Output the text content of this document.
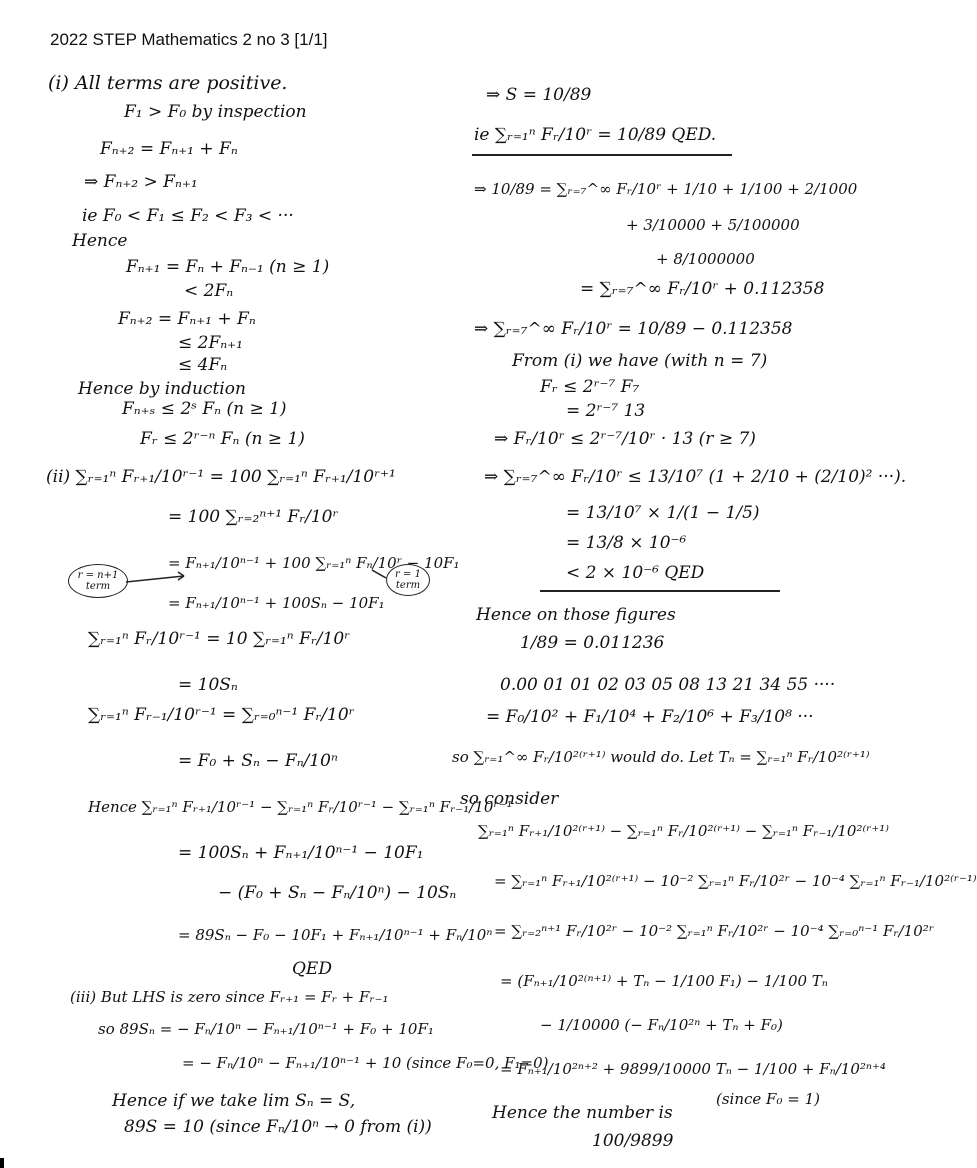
2022 STEP Mathematics 2 no 3 [1/1]
(i) All terms are positive.
F₁ > F₀ by inspection
Fₙ₊₂ = Fₙ₊₁ + Fₙ
⇒ Fₙ₊₂ > Fₙ₊₁
ie F₀ < F₁ ≤ F₂ < F₃ < ···
Hence
Fₙ₊₁ = Fₙ + Fₙ₋₁ (n ≥ 1)
< 2Fₙ
Fₙ₊₂ = Fₙ₊₁ + Fₙ
≤ 2Fₙ₊₁
≤ 4Fₙ
Hence by induction
Fₙ₊ₛ ≤ 2ˢ Fₙ (n ≥ 1)
Fᵣ ≤ 2ʳ⁻ⁿ Fₙ (n ≥ 1)
(ii) ∑ᵣ₌₁ⁿ Fᵣ₊₁/10ʳ⁻¹ = 100 ∑ᵣ₌₁ⁿ Fᵣ₊₁/10ʳ⁺¹
= 100 ∑ᵣ₌₂ⁿ⁺¹ Fᵣ/10ʳ
= Fₙ₊₁/10ⁿ⁻¹ + 100 ∑ᵣ₌₁ⁿ Fₙ/10ʳ − 10F₁
= Fₙ₊₁/10ⁿ⁻¹ + 100Sₙ − 10F₁
∑ᵣ₌₁ⁿ Fᵣ/10ʳ⁻¹ = 10 ∑ᵣ₌₁ⁿ Fᵣ/10ʳ
= 10Sₙ
∑ᵣ₌₁ⁿ Fᵣ₋₁/10ʳ⁻¹ = ∑ᵣ₌₀ⁿ⁻¹ Fᵣ/10ʳ
= F₀ + Sₙ − Fₙ/10ⁿ
Hence ∑ᵣ₌₁ⁿ Fᵣ₊₁/10ʳ⁻¹ − ∑ᵣ₌₁ⁿ Fᵣ/10ʳ⁻¹ − ∑ᵣ₌₁ⁿ Fᵣ₋₁/10ʳ⁻¹
= 100Sₙ + Fₙ₊₁/10ⁿ⁻¹ − 10F₁
− (F₀ + Sₙ − Fₙ/10ⁿ) − 10Sₙ
= 89Sₙ − F₀ − 10F₁ + Fₙ₊₁/10ⁿ⁻¹ + Fₙ/10ⁿ
QED
(iii) But LHS is zero since Fᵣ₊₁ = Fᵣ + Fᵣ₋₁
so 89Sₙ = − Fₙ/10ⁿ − Fₙ₊₁/10ⁿ⁻¹ + F₀ + 10F₁
= − Fₙ/10ⁿ − Fₙ₊₁/10ⁿ⁻¹ + 10 (since F₀=0, F₁=0)
Hence if we take lim Sₙ = S,
89S = 10 (since Fₙ/10ⁿ → 0 from (i))
r = n+1 term
r = 1 term
⇒ S = 10/89
ie ∑ᵣ₌₁ⁿ Fᵣ/10ʳ = 10/89 QED.
⇒ 10/89 = ∑ᵣ₌₇^∞ Fᵣ/10ʳ + 1/10 + 1/100 + 2/1000
+ 3/10000 + 5/100000
+ 8/1000000
= ∑ᵣ₌₇^∞ Fᵣ/10ʳ + 0.112358
⇒ ∑ᵣ₌₇^∞ Fᵣ/10ʳ = 10/89 − 0.112358
From (i) we have (with n = 7)
Fᵣ ≤ 2ʳ⁻⁷ F₇
= 2ʳ⁻⁷ 13
⇒ Fᵣ/10ʳ ≤ 2ʳ⁻⁷/10ʳ · 13 (r ≥ 7)
⇒ ∑ᵣ₌₇^∞ Fᵣ/10ʳ ≤ 13/10⁷ (1 + 2/10 + (2/10)² ···).
= 13/10⁷ × 1/(1 − 1/5)
= 13/8 × 10⁻⁶
< 2 × 10⁻⁶ QED
Hence on those figures
1/89 = 0.011236
0.00 01 01 02 03 05 08 13 21 34 55 ····
= F₀/10² + F₁/10⁴ + F₂/10⁶ + F₃/10⁸ ···
so ∑ᵣ₌₁^∞ Fᵣ/10²⁽ʳ⁺¹⁾ would do. Let Tₙ = ∑ᵣ₌₁ⁿ Fᵣ/10²⁽ʳ⁺¹⁾
so consider
∑ᵣ₌₁ⁿ Fᵣ₊₁/10²⁽ʳ⁺¹⁾ − ∑ᵣ₌₁ⁿ Fᵣ/10²⁽ʳ⁺¹⁾ − ∑ᵣ₌₁ⁿ Fᵣ₋₁/10²⁽ʳ⁺¹⁾
= ∑ᵣ₌₁ⁿ Fᵣ₊₁/10²⁽ʳ⁺¹⁾ − 10⁻² ∑ᵣ₌₁ⁿ Fᵣ/10²ʳ − 10⁻⁴ ∑ᵣ₌₁ⁿ Fᵣ₋₁/10²⁽ʳ⁻¹⁾
= ∑ᵣ₌₂ⁿ⁺¹ Fᵣ/10²ʳ − 10⁻² ∑ᵣ₌₁ⁿ Fᵣ/10²ʳ − 10⁻⁴ ∑ᵣ₌₀ⁿ⁻¹ Fᵣ/10²ʳ
= (Fₙ₊₁/10²⁽ⁿ⁺¹⁾ + Tₙ − 1/100 F₁) − 1/100 Tₙ
− 1/10000 (− Fₙ/10²ⁿ + Tₙ + F₀)
= Fₙ₊₁/10²ⁿ⁺² + 9899/10000 Tₙ − 1/100 + Fₙ/10²ⁿ⁺⁴
(since F₀ = 1)
Hence the number is
100/9899
